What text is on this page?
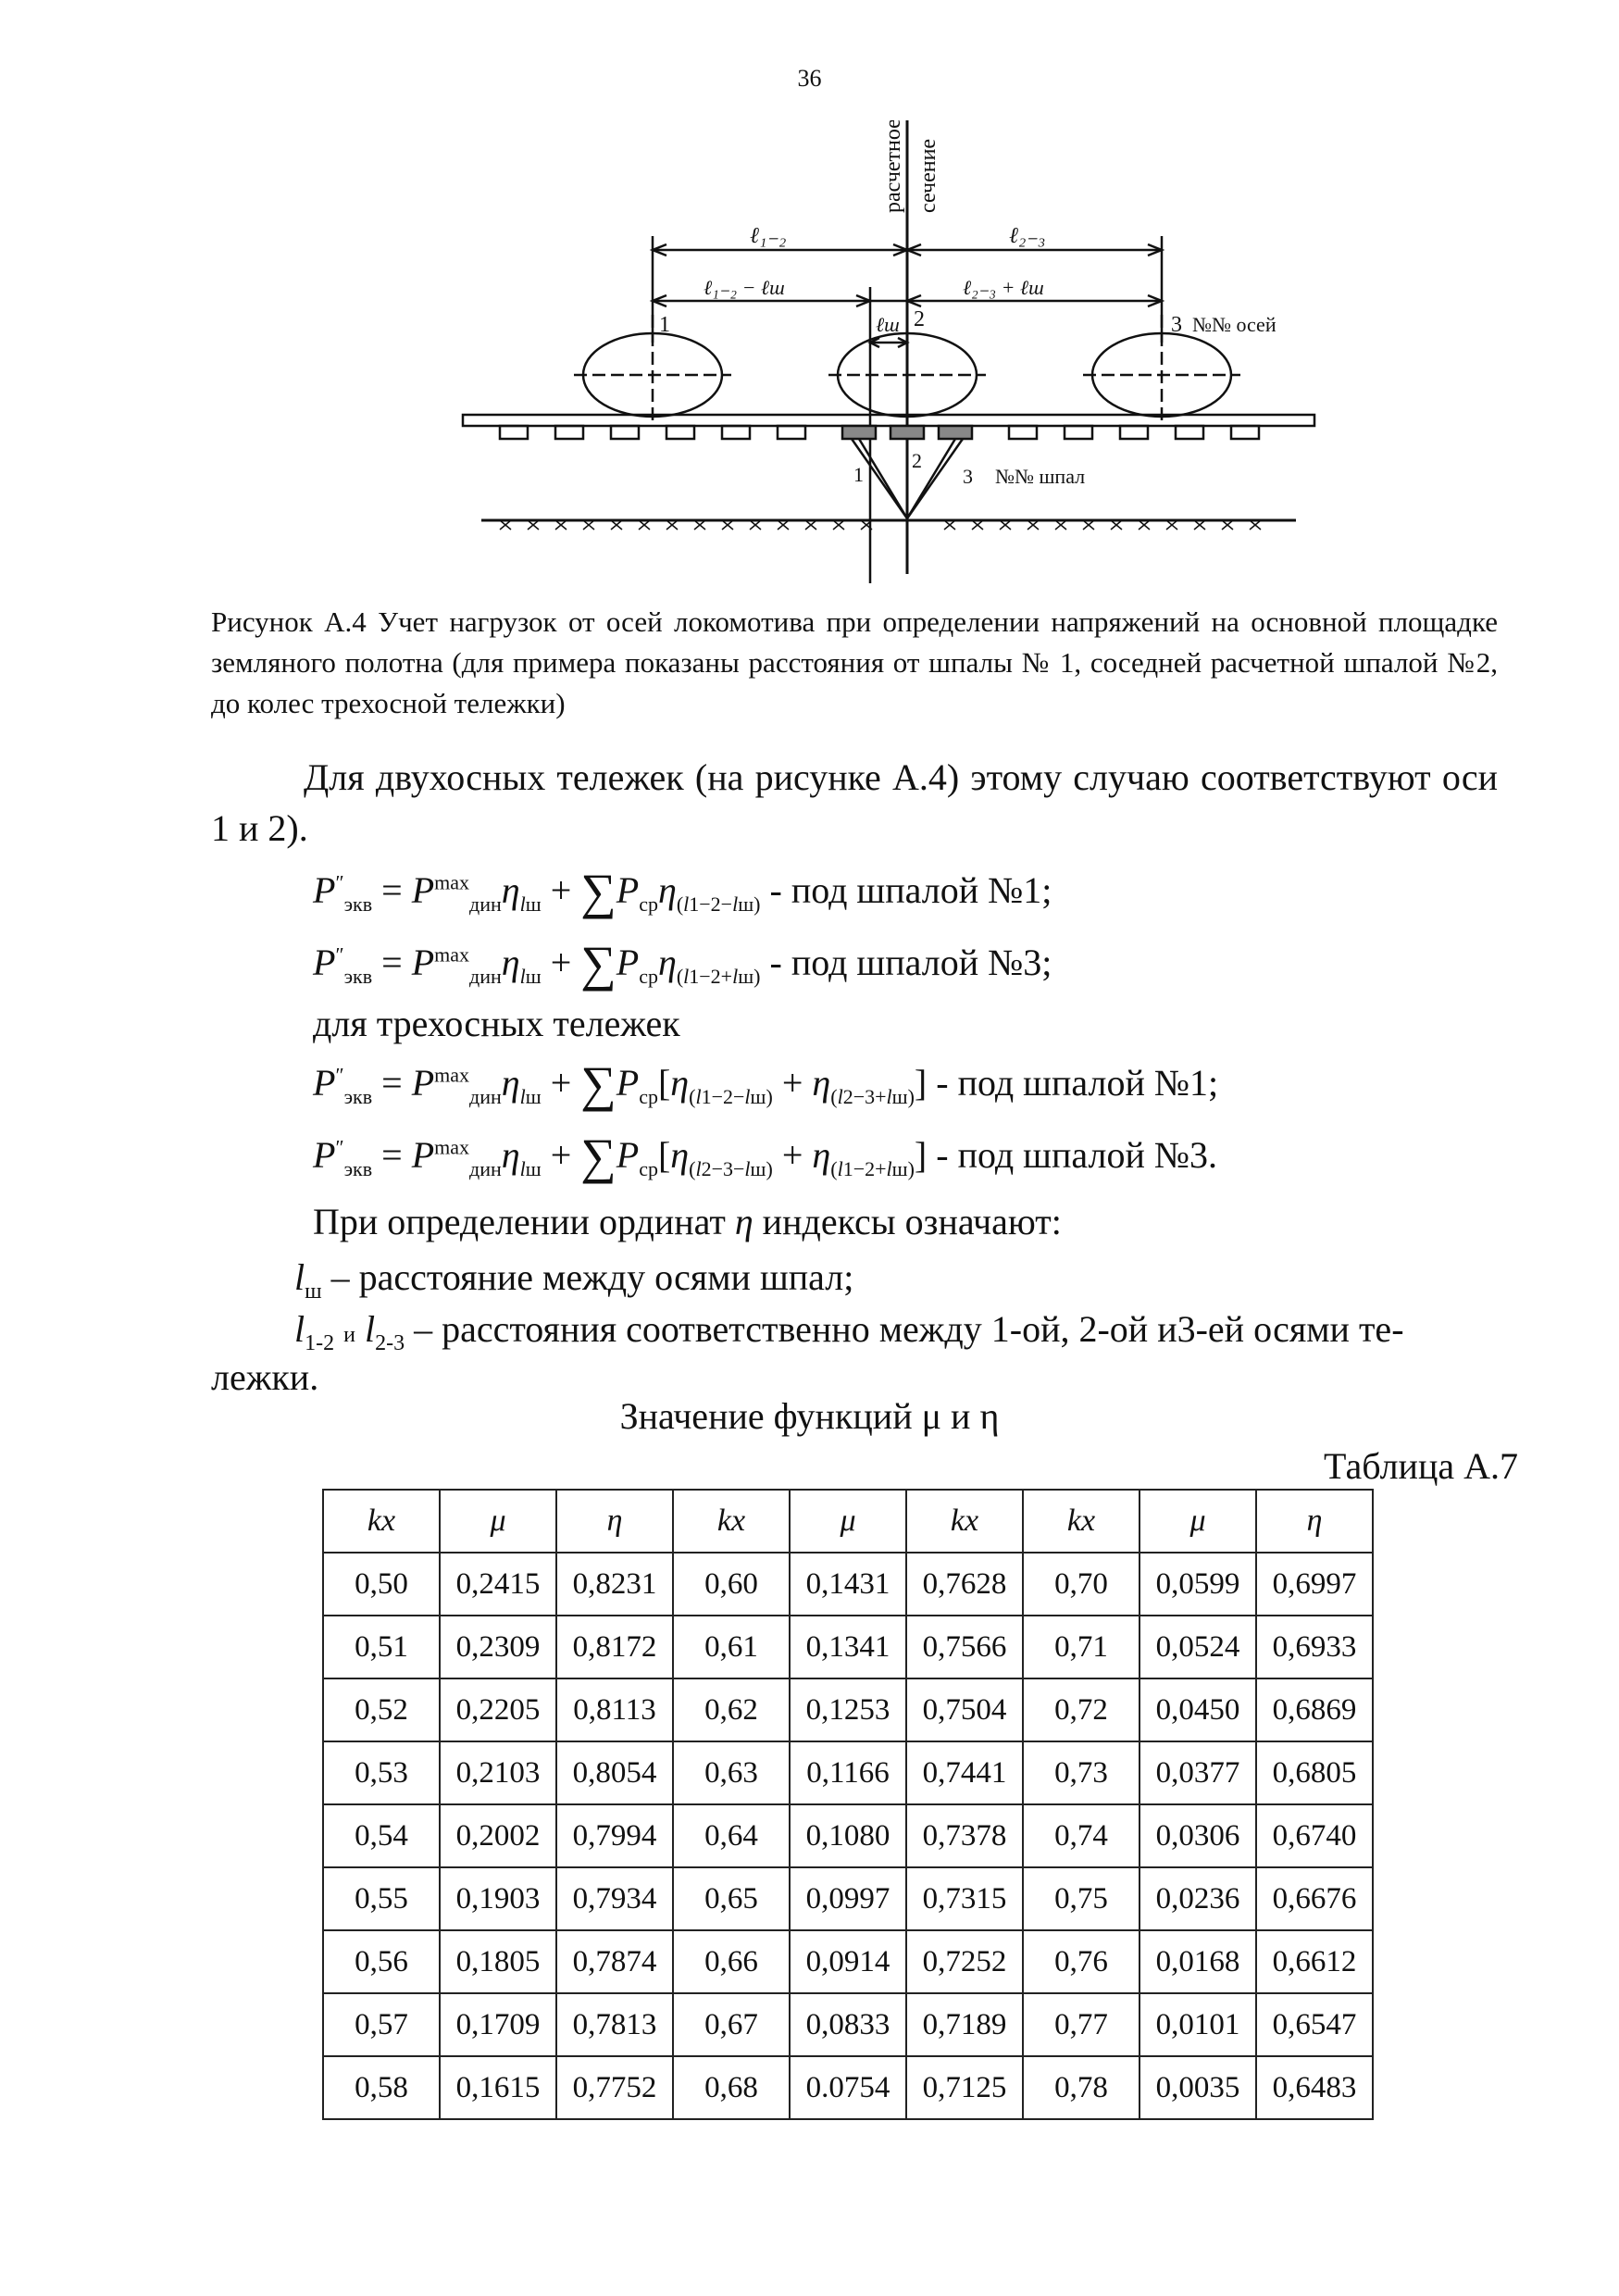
36
расчетное сечение
ℓ₁₋₂	ℓ₂₋₃
ℓ₁₋₂ − ℓш	ℓ₂₋₃ + ℓш
ℓш
1	2	3 №№ осей
1
2
3 №№ шпал
Рисунок А.4 Учет нагрузок от осей локомотива при определении напряжений на основной площадке земляного полотна (для примера показаны расстояния от шпалы № 1, соседней расчетной шпалой №2, до колес трехосной тележки)
Для двухосных тележек (на рисунке А.4) этому случаю соответствуют оси 1 и 2).
$P''_{экв} = P^{max}_{дин}\eta_{lш} + \sum P_{ср}\eta_{(l1-2-lш)}$ - под шпалой №1;
$P''_{экв} = P^{max}_{дин}\eta_{lш} + \sum P_{ср}\eta_{(l1-2+lш)}$ - под шпалой №3;
для трехосных тележек
$P''_{экв} = P^{max}_{дин}\eta_{lш} + \sum P_{ср}[\eta_{(l1-2-lш)} + \eta_{(l2-3+lш)}]$ - под шпалой №1;
$P''_{экв} = P^{max}_{дин}\eta_{lш} + \sum P_{ср}[\eta_{(l2-3-lш)} + \eta_{(l1-2+lш)}]$ - под шпалой №3.
При определении ординат η индексы означают:
$l_ш$ – расстояние между осями шпал;
$l_{1-2}$ и $l_{2-3}$ – расстояния соответственно между 1-ой, 2-ой и3-ей осями те-
лежки.
Значение функций μ и η
Таблица А.7
kx	μ	η	kx	μ	kx	kx	μ	η
0,50	0,2415	0,8231	0,60	0,1431	0,7628	0,70	0,0599	0,6997
0,51	0,2309	0,8172	0,61	0,1341	0,7566	0,71	0,0524	0,6933
0,52	0,2205	0,8113	0,62	0,1253	0,7504	0,72	0,0450	0,6869
0,53	0,2103	0,8054	0,63	0,1166	0,7441	0,73	0,0377	0,6805
0,54	0,2002	0,7994	0,64	0,1080	0,7378	0,74	0,0306	0,6740
0,55	0,1903	0,7934	0,65	0,0997	0,7315	0,75	0,0236	0,6676
0,56	0,1805	0,7874	0,66	0,0914	0,7252	0,76	0,0168	0,6612
0,57	0,1709	0,7813	0,67	0,0833	0,7189	0,77	0,0101	0,6547
0,58	0,1615	0,7752	0,68	0.0754	0,7125	0,78	0,0035	0,6483
